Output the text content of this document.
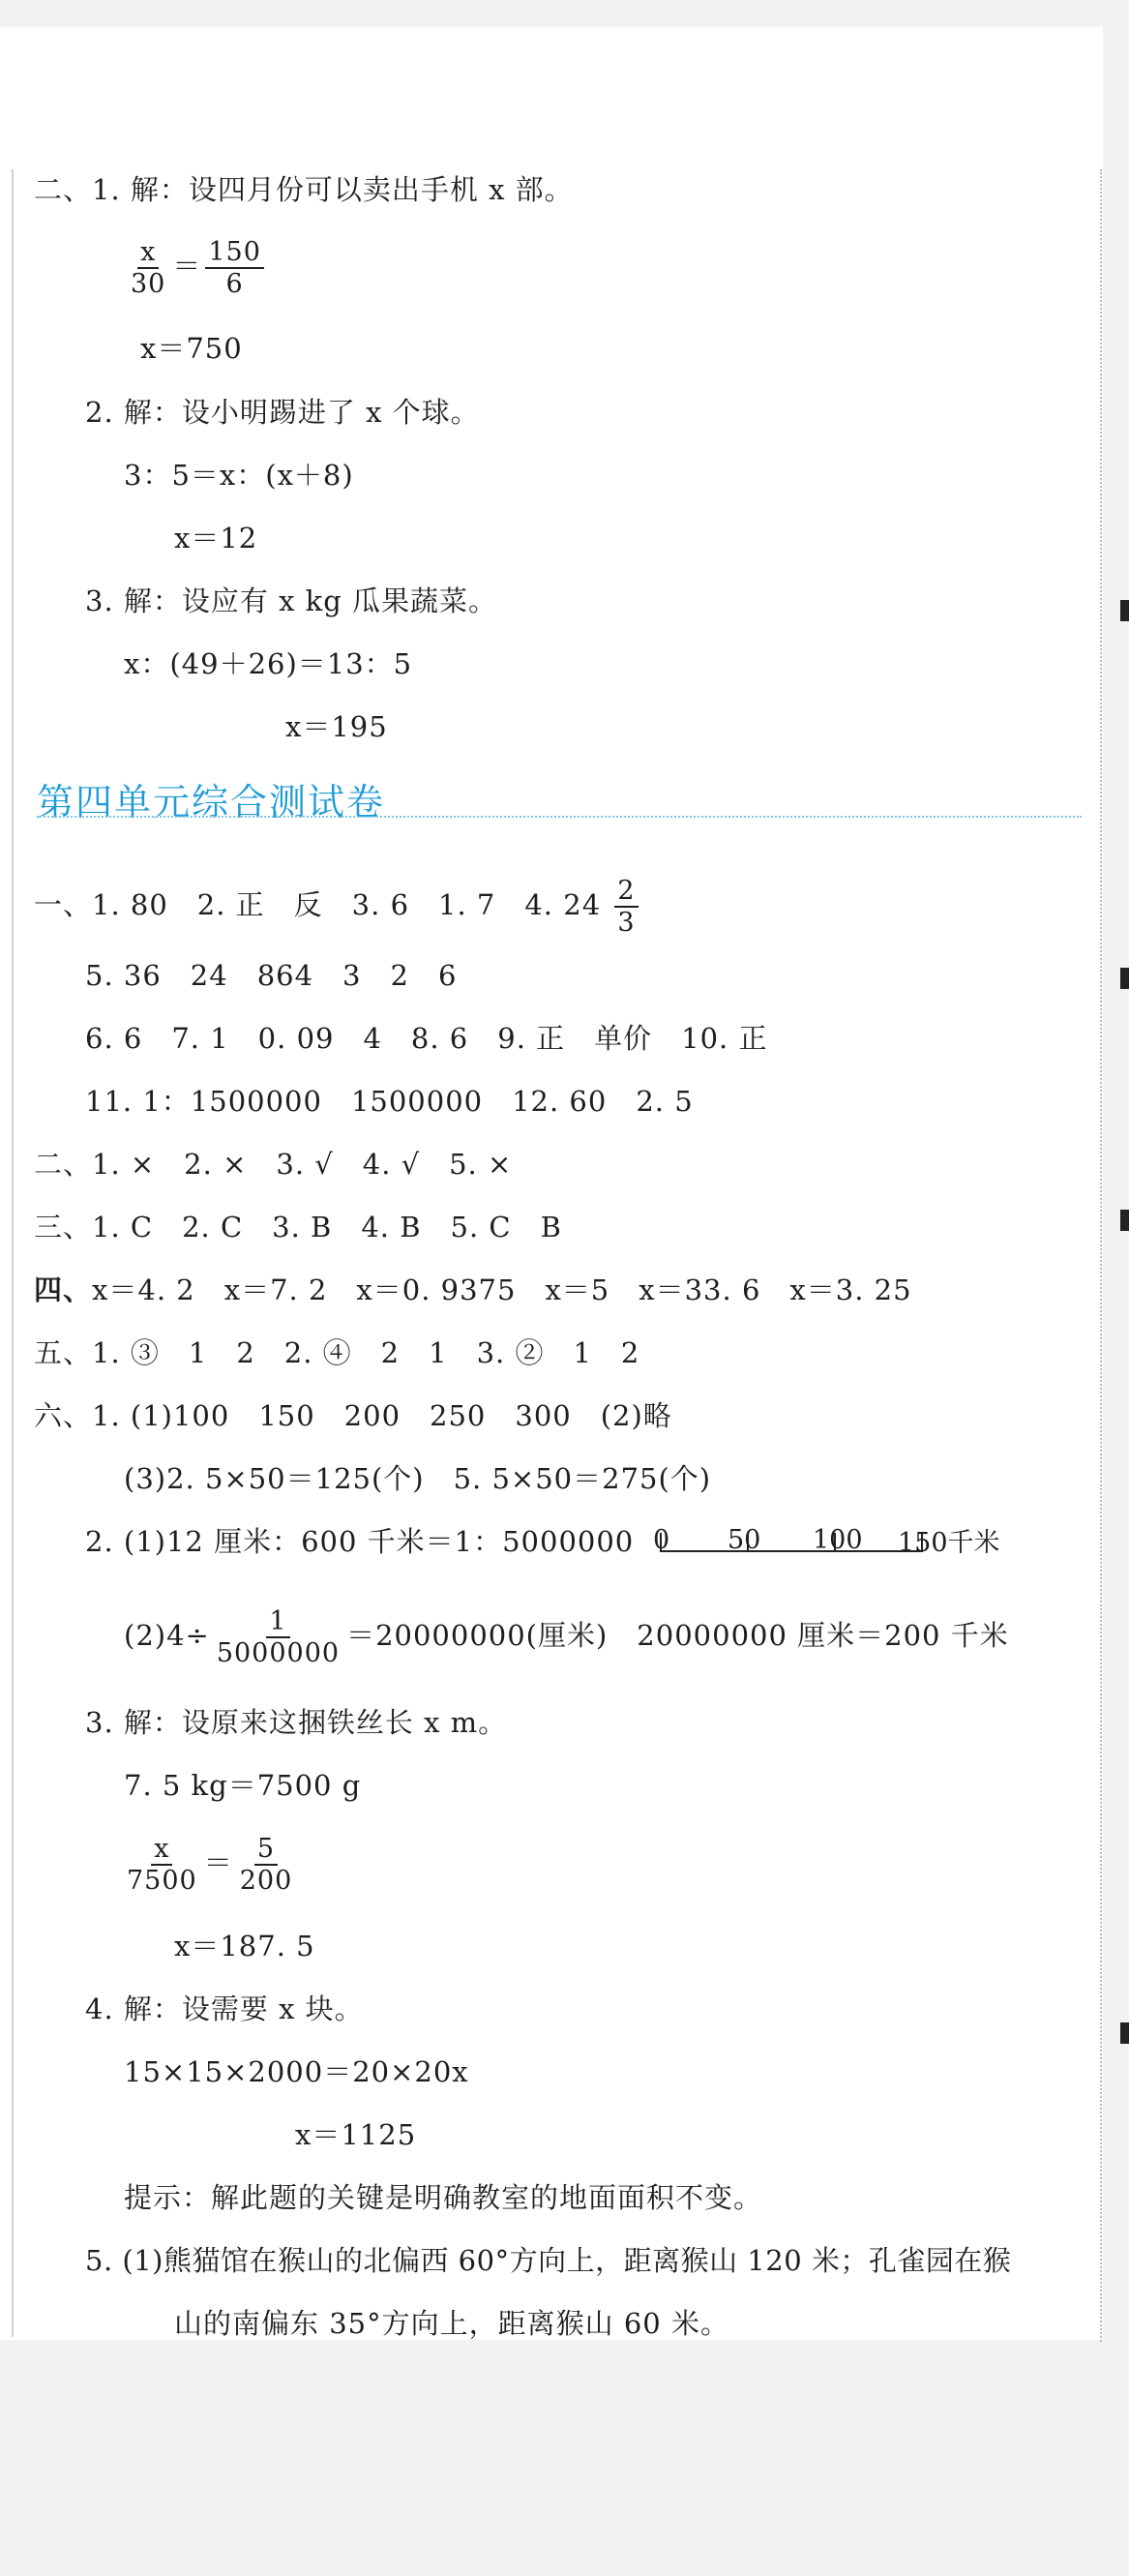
二、1. 解：设四月份可以卖出手机 x 部。
$\frac{x}{30} = \frac{150}{6}$
x＝750
2. 解：设小明踢进了 x 个球。
3：5＝x：(x＋8)
x＝12
3. 解：设应有 x kg 瓜果蔬菜。
x：(49＋26)＝13：5
x＝195
第四单元综合测试卷
一、1. 80　2. 正　反　3. 6　1. 7　4. $24 \frac{2}{3}$
5. 36　24　864　3　2　6
6. 6　7. 1　0. 09　4　8. 6　9. 正　单价　10. 正
11. 1：1500000　1500000　12. 60　2. 5
二、1. ×　2. ×　3. √　4. √　5. ×
三、1. C　2. C　3. B　4. B　5. C　B
四、x＝4. 2　x＝7. 2　x＝0. 9375　x＝5　x＝33. 6　x＝3. 25
五、1. ③　1　2　2. ④　2　1　3. ②　1　2
六、1. (1)100　150　200　250　300　(2)略
(3)2. 5×50＝125(个)　5. 5×50＝275(个)
2. (1)12 厘米：600 千米＝1：5000000 0 50 100 150千米
$(2)4\div \frac{1}{5000000} =20000000$(厘米)　20000000 厘米＝200 千米
3. 解：设原来这捆铁丝长 x m。
7. 5 kg＝7500 g
$\frac{x}{7500} = \frac{5}{200}$
x＝187. 5
4. 解：设需要 x 块。
15×15×2000＝20×20x
x＝1125
提示：解此题的关键是明确教室的地面面积不变。
5. (1)熊猫馆在猴山的北偏西 60°方向上，距离猴山 120 米；孔雀园在猴
山的南偏东 35°方向上，距离猴山 60 米。
